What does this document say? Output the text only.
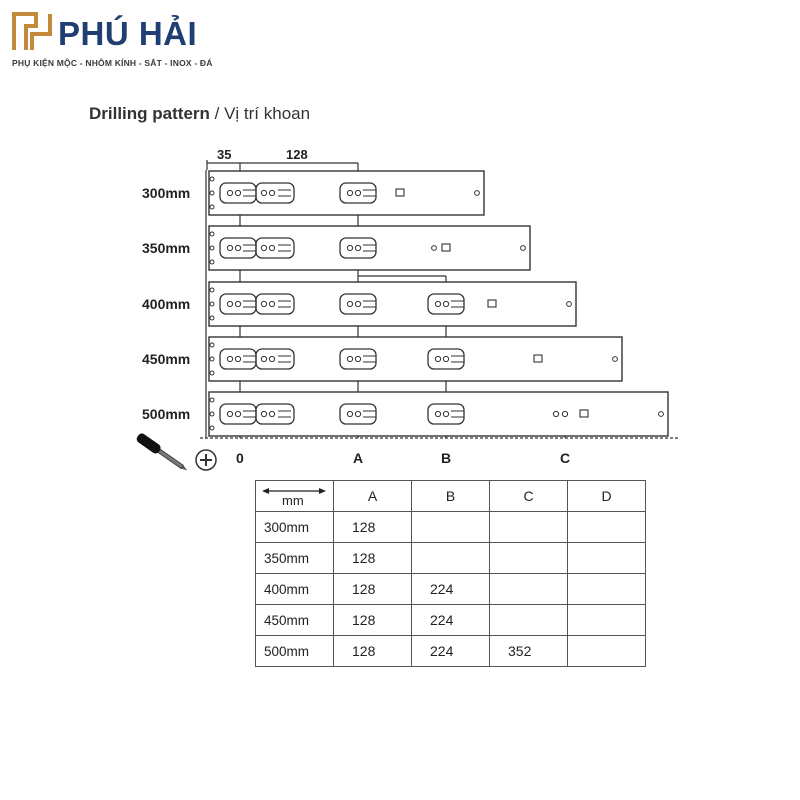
PHÚ HẢI
PHỤ KIỆN MỘC - NHÔM KÍNH - SẮT - INOX - ĐÁ
Drilling pattern / Vị trí khoan
35	128
300mm
350mm
400mm
450mm
500mm
0	A	B	C
mm	A	B	C	D
300mm	128			
350mm	128			
400mm	128	224		
450mm	128	224		
500mm	128	224	352	
